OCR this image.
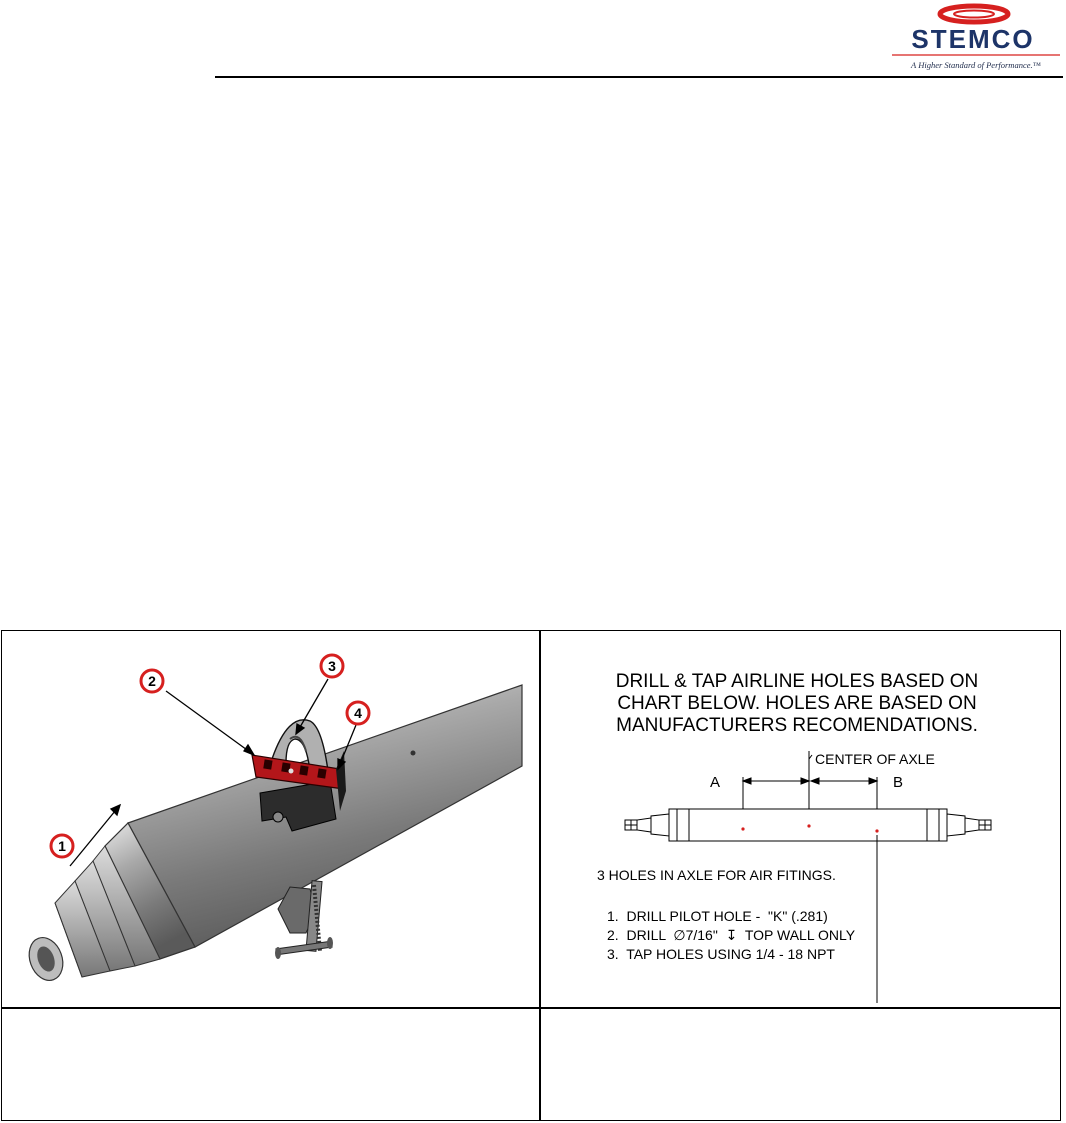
STEMCO
A Higher Standard of Performance.™
1
2
3
4
DRILL & TAP AIRLINE HOLES BASED ON
CHART BELOW. HOLES ARE BASED ON
MANUFACTURERS RECOMENDATIONS.
CENTER OF AXLE
A	B
3 HOLES IN AXLE FOR AIR FITINGS.
1.  DRILL PILOT HOLE -  "K" (.281)
2.  DRILL  ∅7/16"  ↧  TOP WALL ONLY
3.  TAP HOLES USING 1/4 - 18 NPT
